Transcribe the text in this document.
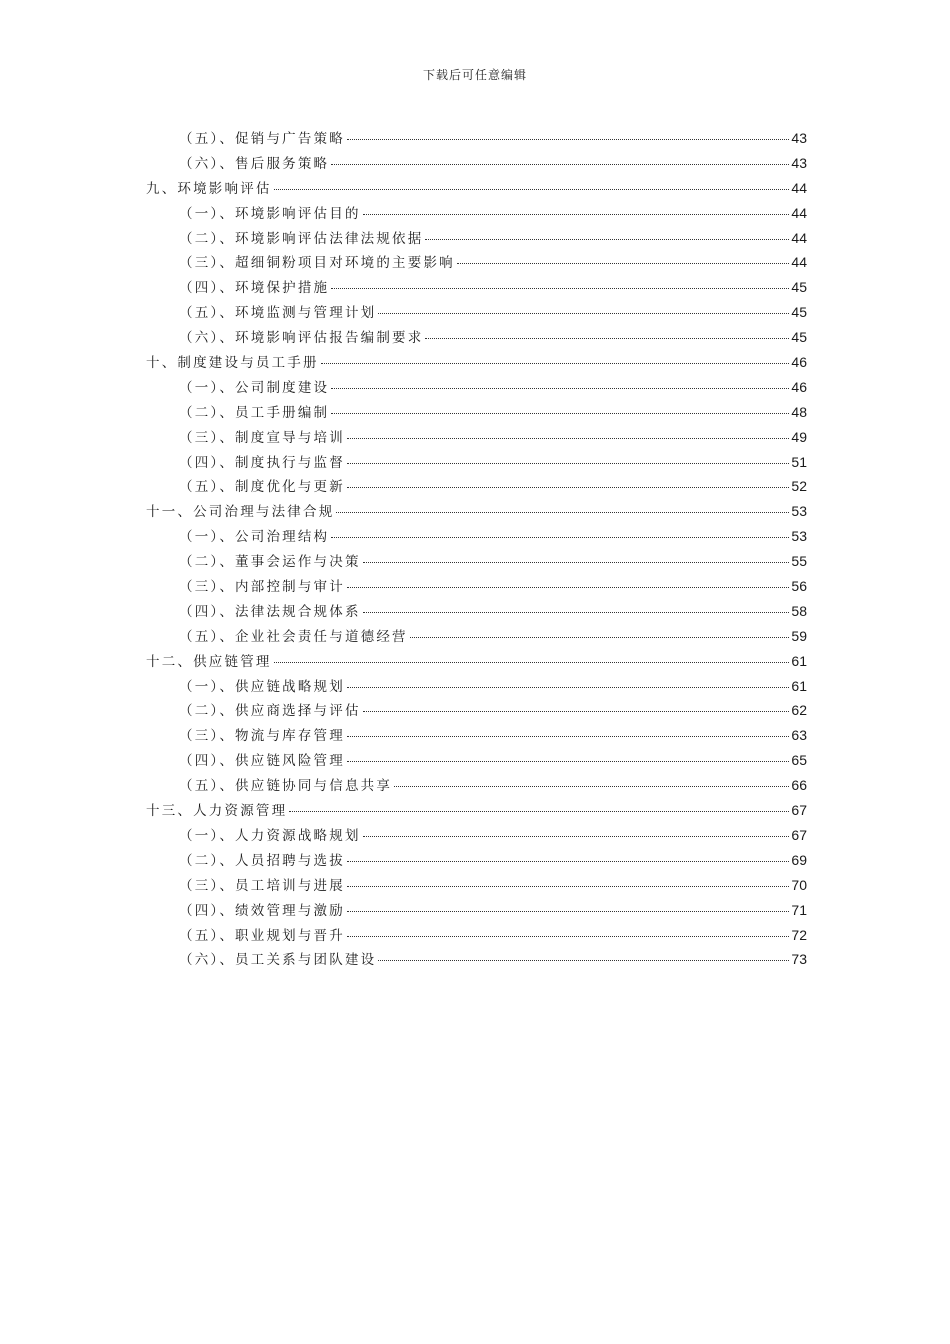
下载后可任意编辑
（五）、促销与广告策略	43
（六）、售后服务策略	43
九、环境影响评估	44
（一）、环境影响评估目的	44
（二）、环境影响评估法律法规依据	44
（三）、超细铜粉项目对环境的主要影响	44
（四）、环境保护措施	45
（五）、环境监测与管理计划	45
（六）、环境影响评估报告编制要求	45
十、制度建设与员工手册	46
（一）、公司制度建设	46
（二）、员工手册编制	48
（三）、制度宣导与培训	49
（四）、制度执行与监督	51
（五）、制度优化与更新	52
十一、公司治理与法律合规	53
（一）、公司治理结构	53
（二）、董事会运作与决策	55
（三）、内部控制与审计	56
（四）、法律法规合规体系	58
（五）、企业社会责任与道德经营	59
十二、供应链管理	61
（一）、供应链战略规划	61
（二）、供应商选择与评估	62
（三）、物流与库存管理	63
（四）、供应链风险管理	65
（五）、供应链协同与信息共享	66
十三、人力资源管理	67
（一）、人力资源战略规划	67
（二）、人员招聘与选拔	69
（三）、员工培训与进展	70
（四）、绩效管理与激励	71
（五）、职业规划与晋升	72
（六）、员工关系与团队建设	73
